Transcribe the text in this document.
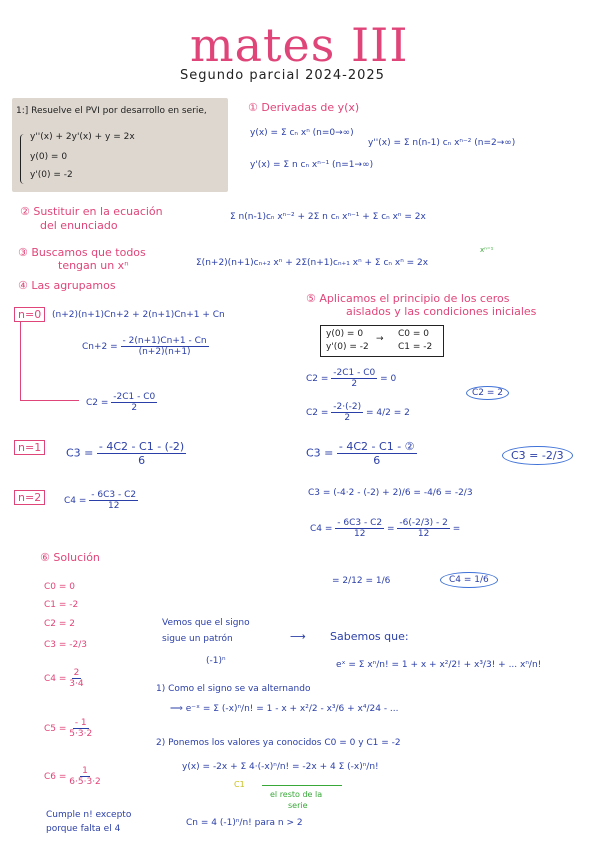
mates III
Segundo parcial 2024-2025
1:] Resuelve el PVI por desarrollo en serie,
y''(x) + 2y'(x) + y = 2x
y(0) = 0
y'(0) = -2
① Derivadas de y(x)
y(x) = Σ cₙ xⁿ (n=0→∞)
y'(x) = Σ n cₙ xⁿ⁻¹ (n=1→∞)
y''(x) = Σ n(n-1) cₙ xⁿ⁻² (n=2→∞)
② Sustituir en la ecuación
del enunciado
Σ n(n-1)cₙ xⁿ⁻² + 2Σ n cₙ xⁿ⁻¹ + Σ cₙ xⁿ = 2x
③ Buscamos que todos
tengan un xⁿ	Σ(n+2)(n+1)cₙ₊₂ xⁿ + 2Σ(n+1)cₙ₊₁ xⁿ + Σ cₙ xⁿ = 2x
xⁿ⁼¹
④ Las agrupamos
n=0	(n+2)(n+1)Cn+2 + 2(n+1)Cn+1 + Cn
$Cn+2 = \frac{- 2(n+1)Cn+1 - Cn}{(n+2)(n+1)}$
$C2 = \frac{-2C1 - C0}{2}$
n=1	$C3 = \frac{- 4C2 - C1 - (-2)}{6}$
n=2	$C4 = \frac{- 6C3 - C2}{12}$
⑤ Aplicamos el principio de los ceros
aislados y las condiciones iniciales
y(0) = 0
y'(0) = -2
→ C0 = 0
C1 = -2
$C2 = \frac{-2C1 - C0}{2} = 0$
C2 = 2
$C2 = \frac{-2\cdot(-2)}{2} = 4/2 = 2$
$C3 = \frac{\text{- 4C2 - C1 - ②}}{6}$	C3 = -2/3
C3 = (-4·2 - (-2) + 2)/6 = -4/6 = -2/3
$C4 = \frac{- 6C3 - C2}{12} = \frac{-6(-2/3) - 2}{12}$ =
= 2/12 = 1/6	C4 = 1/6
⑥ Solución
C0 = 0
C1 = -2
C2 = 2
C3 = -2/3
$C4 = \frac{2}{3\cdot 4}$
$C5 = \frac{- 1}{5\cdot 3\cdot 2}$
$C6 = \frac{1}{6\cdot 5\cdot 3\cdot 2}$
Cumple n! excepto
porque falta el 4
Vemos que el signo
sigue un patrón
(-1)ⁿ
⟶ Sabemos que:
eˣ = Σ xⁿ/n! = 1 + x + x²/2! + x³/3! + ... xⁿ/n!
1) Como el signo se va alternando
⟹ e⁻ˣ = Σ (-x)ⁿ/n! = 1 - x + x²/2 - x³/6 + x⁴/24 - ...
2) Ponemos los valores ya conocidos C0 = 0 y C1 = -2
y(x) = -2x + Σ 4·(-x)ⁿ/n! = -2x + 4 Σ (-x)ⁿ/n!
C1
el resto de la
serie
Cn = 4 (-1)ⁿ/n! para n > 2
